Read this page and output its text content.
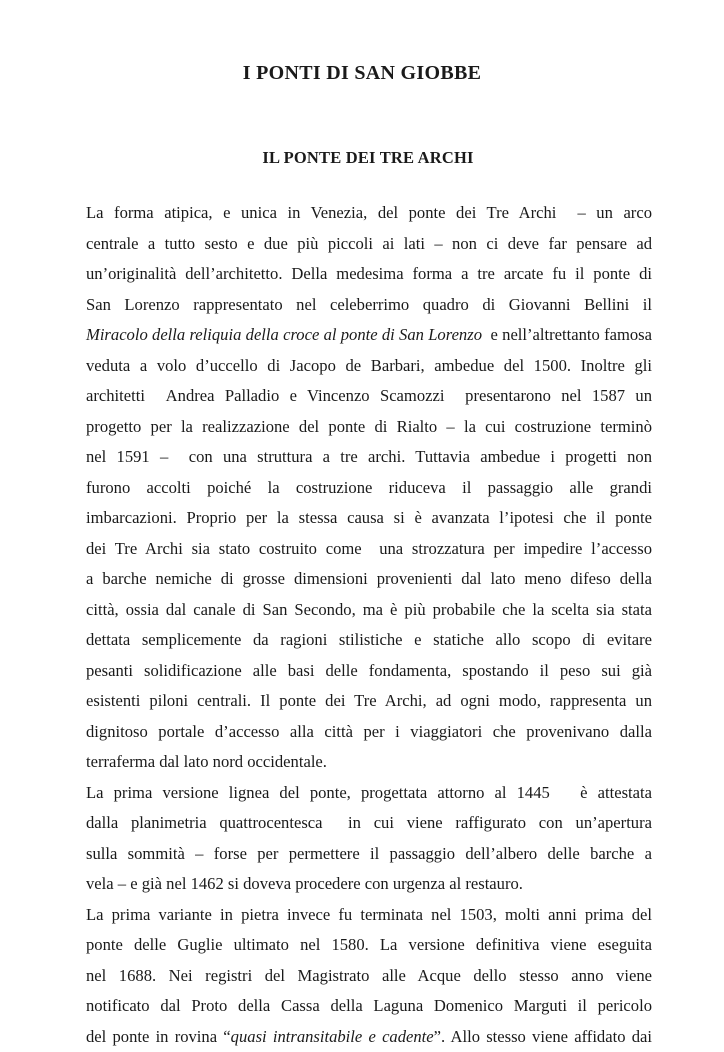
I PONTI DI SAN GIOBBE
IL PONTE DEI TRE ARCHI
La forma atipica, e unica in Venezia, del ponte dei Tre Archi  – un arco
centrale a tutto sesto e due più piccoli ai lati – non ci deve far pensare ad
un’originalità dell’architetto. Della medesima forma a tre arcate fu il ponte di
San Lorenzo rappresentato nel celeberrimo quadro di Giovanni Bellini il
Miracolo della reliquia della croce al ponte di San Lorenzo  e nell’altrettanto famosa
veduta a volo d’uccello di Jacopo de Barbari, ambedue del 1500. Inoltre gli
architetti  Andrea Palladio e Vincenzo Scamozzi  presentarono nel 1587 un
progetto per la realizzazione del ponte di Rialto – la cui costruzione terminò
nel 1591 –  con una struttura a tre archi. Tuttavia ambedue i progetti non
furono accolti poiché la costruzione riduceva il passaggio alle grandi
imbarcazioni. Proprio per la stessa causa si è avanzata l’ipotesi che il ponte
dei Tre Archi sia stato costruito come  una strozzatura per impedire l’accesso
a barche nemiche di grosse dimensioni provenienti dal lato meno difeso della
città, ossia dal canale di San Secondo, ma è più probabile che la scelta sia stata
dettata semplicemente da ragioni stilistiche e statiche allo scopo di evitare
pesanti solidificazione alle basi delle fondamenta, spostando il peso sui già
esistenti piloni centrali. Il ponte dei Tre Archi, ad ogni modo, rappresenta un
dignitoso portale d’accesso alla città per i viaggiatori che provenivano dalla
terraferma dal lato nord occidentale.
La prima versione lignea del ponte, progettata attorno al 1445   è attestata
dalla planimetria quattrocentesca  in cui viene raffigurato con un’apertura
sulla sommità – forse per permettere il passaggio dell’albero delle barche a
vela – e già nel 1462 si doveva procedere con urgenza al restauro.
La prima variante in pietra invece fu terminata nel 1503, molti anni prima del
ponte delle Guglie ultimato nel 1580. La versione definitiva viene eseguita
nel 1688. Nei registri del Magistrato alle Acque dello stesso anno viene
notificato dal Proto della Cassa della Laguna Domenico Marguti il pericolo
del ponte in rovina “quasi intransitabile e cadente”. Allo stesso viene affidato dai
